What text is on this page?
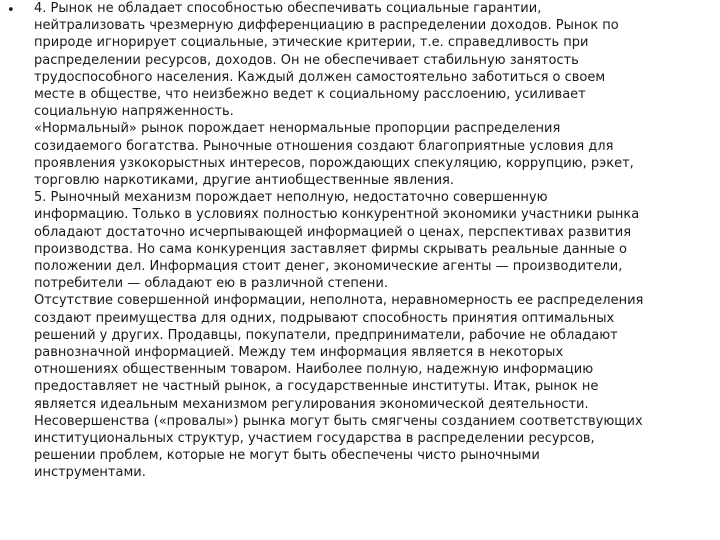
• 4. Рынок не обладает способностью обеспечивать социальные гарантии,
нейтрализовать чрезмерную дифференциацию в распределении доходов. Рынок по
природе игнорирует социальные, этические критерии, т.е. справедливость при
распределении ресурсов, доходов. Он не обеспечивает стабильную занятость
трудоспособного населения. Каждый должен самостоятельно заботиться о своем
месте в обществе, что неизбежно ведет к социальному расслоению, усиливает
социальную напряженность.
«Нормальный» рынок порождает ненормальные пропорции распределения
созидаемого богатства. Рыночные отношения создают благоприятные условия для
проявления узкокорыстных интересов, порождающих спекуляцию, коррупцию, рэкет,
торговлю наркотиками, другие антиобщественные явления.
5. Рыночный механизм порождает неполную, недостаточно совершенную
информацию. Только в условиях полностью конкурентной экономики участники рынка
обладают достаточно исчерпывающей информацией о ценах, перспективах развития
производства. Но сама конкуренция заставляет фирмы скрывать реальные данные о
положении дел. Информация стоит денег, экономические агенты — производители,
потребители — обладают ею в различной степени.
Отсутствие совершенной информации, неполнота, неравномерность ее распределения
создают преимущества для одних, подрывают способность принятия оптимальных
решений у других. Продавцы, покупатели, предприниматели, рабочие не обладают
равнозначной информацией. Между тем информация является в некоторых
отношениях общественным товаром. Наиболее полную, надежную информацию
предоставляет не частный рынок, а государственные институты. Итак, рынок не
является идеальным механизмом регулирования экономической деятельности.
Несовершенства («провалы») рынка могут быть смягчены созданием соответствующих
институциональных структур, участием государства в распределении ресурсов,
решении проблем, которые не могут быть обеспечены чисто рыночными
инструментами.
